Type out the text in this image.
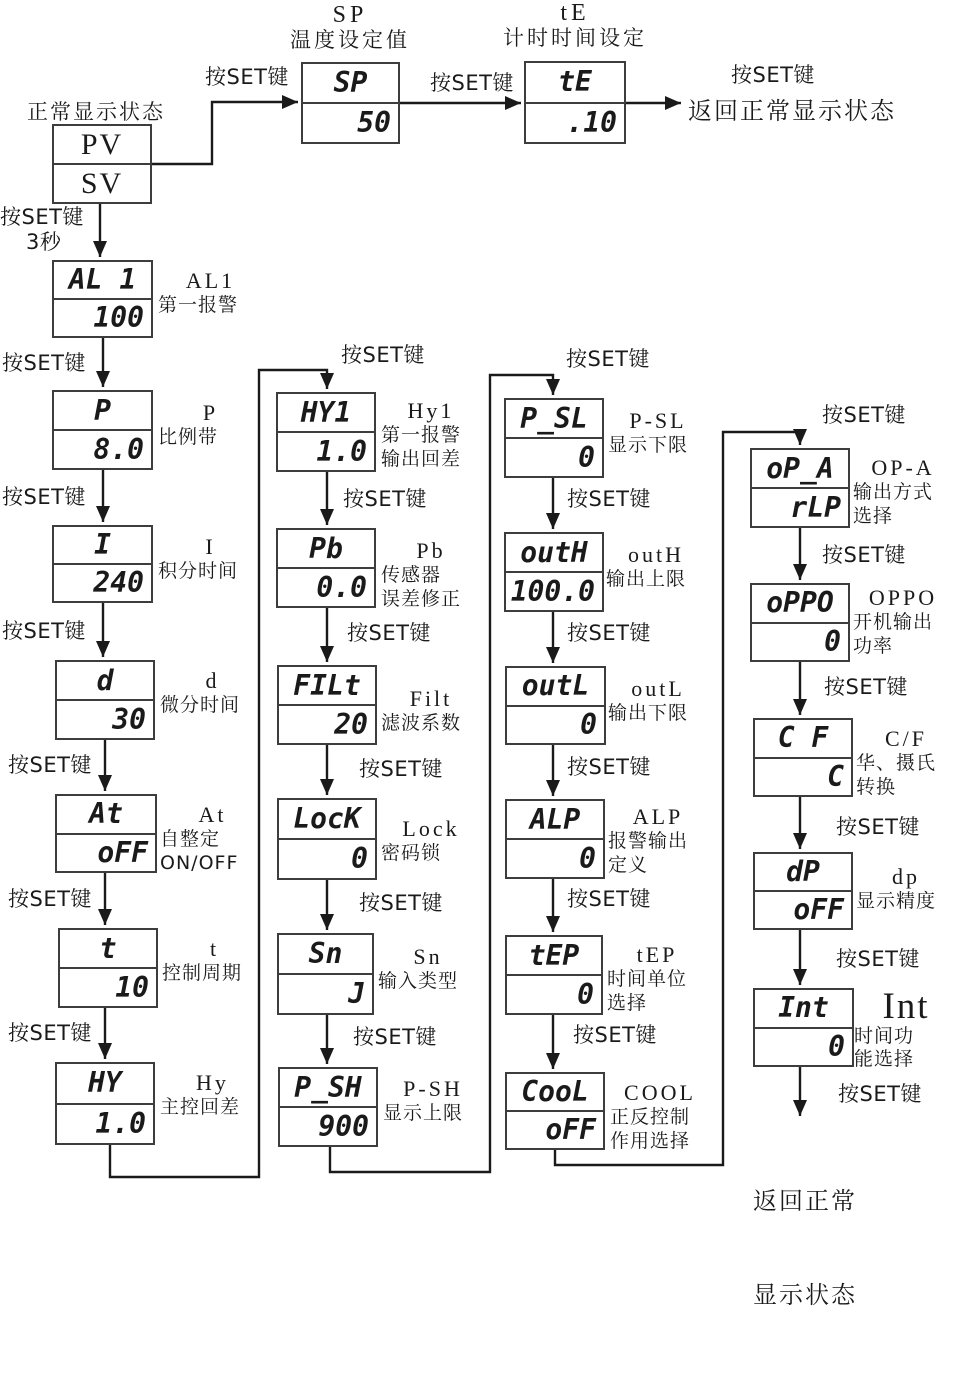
正常显示状态
PV
SV
SP
温度设定值
SP
50
tE
计时时间设定
tE
.10
按SET键	按SET键	按SET键
返回正常显示状态
按SET键
3秒
AL 1
100
AL1
第一报警
按SET键
P
8.0
P
比例带
按SET键
I
240
I
积分时间
按SET键
d
30
d
微分时间
按SET键
At
oFF
At
自整定
ON/OFF
按SET键
t
10
t
控制周期
按SET键
HY
1.0
Hy
主控回差
按SET键
HY1
1.0
Hy1
第一报警
输出回差
按SET键
Pb
0.0
Pb
传感器
误差修正
按SET键
FILt
20
Filt
滤波系数
按SET键
LocK
0
Lock
密码锁
按SET键
Sn
J
Sn
输入类型
按SET键
P_SH
900
P-SH
显示上限
按SET键
P_SL
0
P-SL
显示下限
按SET键
outH
100.0
outH
输出上限
按SET键
outL
0
outL
输出下限
按SET键
ALP
0
ALP
报警输出
定义
按SET键
tEP
0
tEP
时间单位
选择
按SET键
CooL
oFF
COOL
正反控制
作用选择
按SET键
oP_A
rLP
OP-A
输出方式
选择
按SET键
oPPO
0
OPPO
开机输出
功率
按SET键
C F
C
C/F
华、摄氏
转换
按SET键
dP
oFF
dp
显示精度
按SET键
Int
0
Int
时间功
能选择
按SET键

返回正常

显示状态
